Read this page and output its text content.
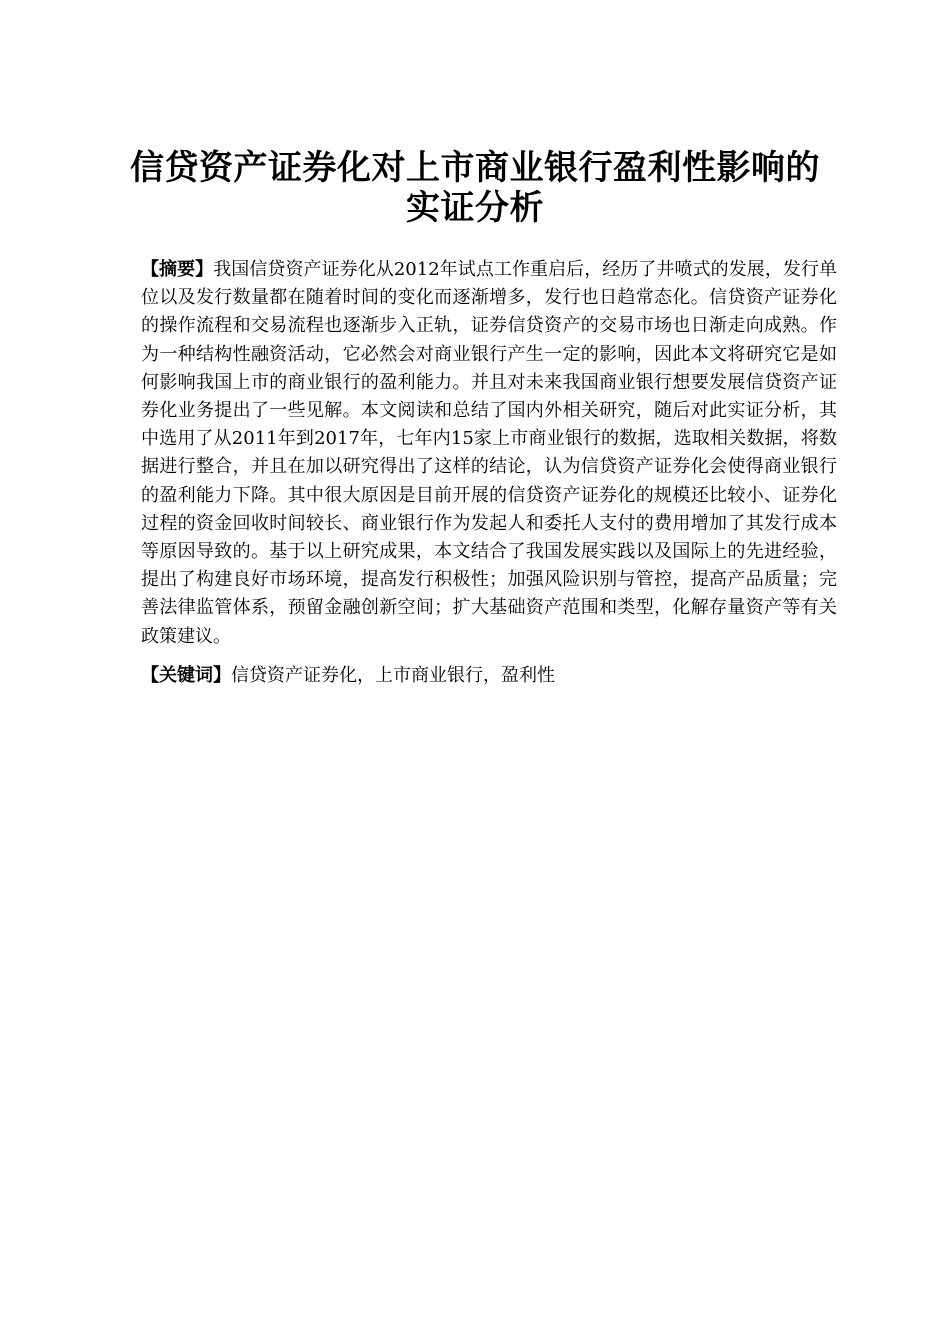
信贷资产证券化对上市商业银行盈利性影响的实证分析

【摘要】我国信贷资产证券化从2012年试点工作重启后，经历了井喷式的发展，发行单位以及发行数量都在随着时间的变化而逐渐增多，发行也日趋常态化。信贷资产证券化的操作流程和交易流程也逐渐步入正轨，证券信贷资产的交易市场也日渐走向成熟。作为一种结构性融资活动，它必然会对商业银行产生一定的影响，因此本文将研究它是如何影响我国上市的商业银行的盈利能力。并且对未来我国商业银行想要发展信贷资产证券化业务提出了一些见解。本文阅读和总结了国内外相关研究，随后对此实证分析，其中选用了从2011年到2017年，七年内15家上市商业银行的数据，选取相关数据，将数据进行整合，并且在加以研究得出了这样的结论，认为信贷资产证券化会使得商业银行的盈利能力下降。其中很大原因是目前开展的信贷资产证券化的规模还比较小、证券化过程的资金回收时间较长、商业银行作为发起人和委托人支付的费用增加了其发行成本等原因导致的。基于以上研究成果，本文结合了我国发展实践以及国际上的先进经验，提出了构建良好市场环境，提高发行积极性；加强风险识别与管控，提高产品质量；完善法律监管体系，预留金融创新空间；扩大基础资产范围和类型，化解存量资产等有关政策建议。

【关键词】信贷资产证券化，上市商业银行，盈利性
